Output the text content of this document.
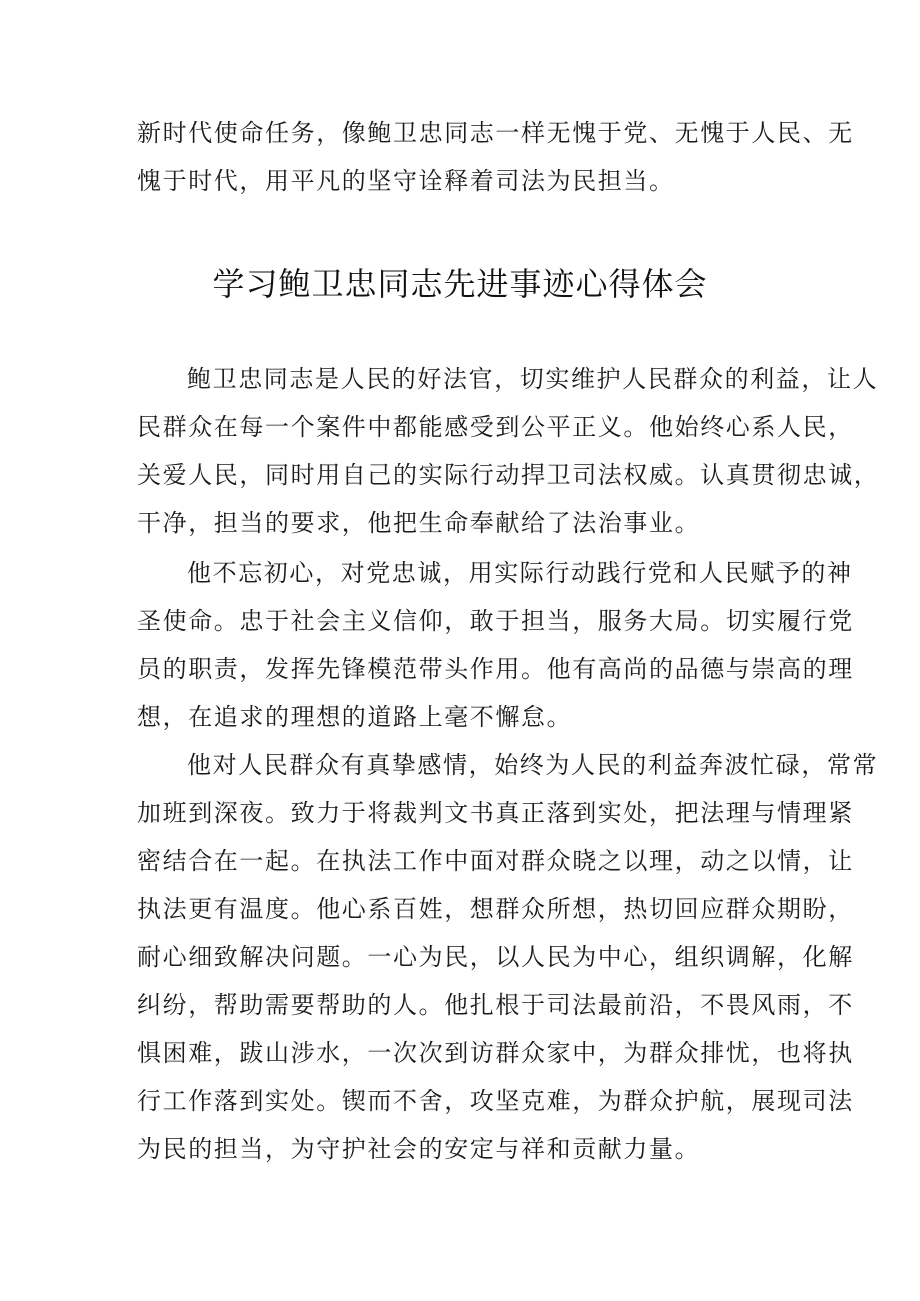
新时代使命任务，像鲍卫忠同志一样无愧于党、无愧于人民、无
愧于时代，用平凡的坚守诠释着司法为民担当。
学习鲍卫忠同志先进事迹心得体会
鲍卫忠同志是人民的好法官，切实维护人民群众的利益，让人
民群众在每一个案件中都能感受到公平正义。他始终心系人民，
关爱人民，同时用自己的实际行动捍卫司法权威。认真贯彻忠诚，
干净，担当的要求，他把生命奉献给了法治事业。
他不忘初心，对党忠诚，用实际行动践行党和人民赋予的神
圣使命。忠于社会主义信仰，敢于担当，服务大局。切实履行党
员的职责，发挥先锋模范带头作用。他有高尚的品德与崇高的理
想，在追求的理想的道路上毫不懈怠。
他对人民群众有真挚感情，始终为人民的利益奔波忙碌，常常
加班到深夜。致力于将裁判文书真正落到实处，把法理与情理紧
密结合在一起。在执法工作中面对群众晓之以理，动之以情，让
执法更有温度。他心系百姓，想群众所想，热切回应群众期盼，
耐心细致解决问题。一心为民，以人民为中心，组织调解，化解
纠纷，帮助需要帮助的人。他扎根于司法最前沿，不畏风雨，不
惧困难，跋山涉水，一次次到访群众家中，为群众排忧，也将执
行工作落到实处。锲而不舍，攻坚克难，为群众护航，展现司法
为民的担当，为守护社会的安定与祥和贡献力量。
